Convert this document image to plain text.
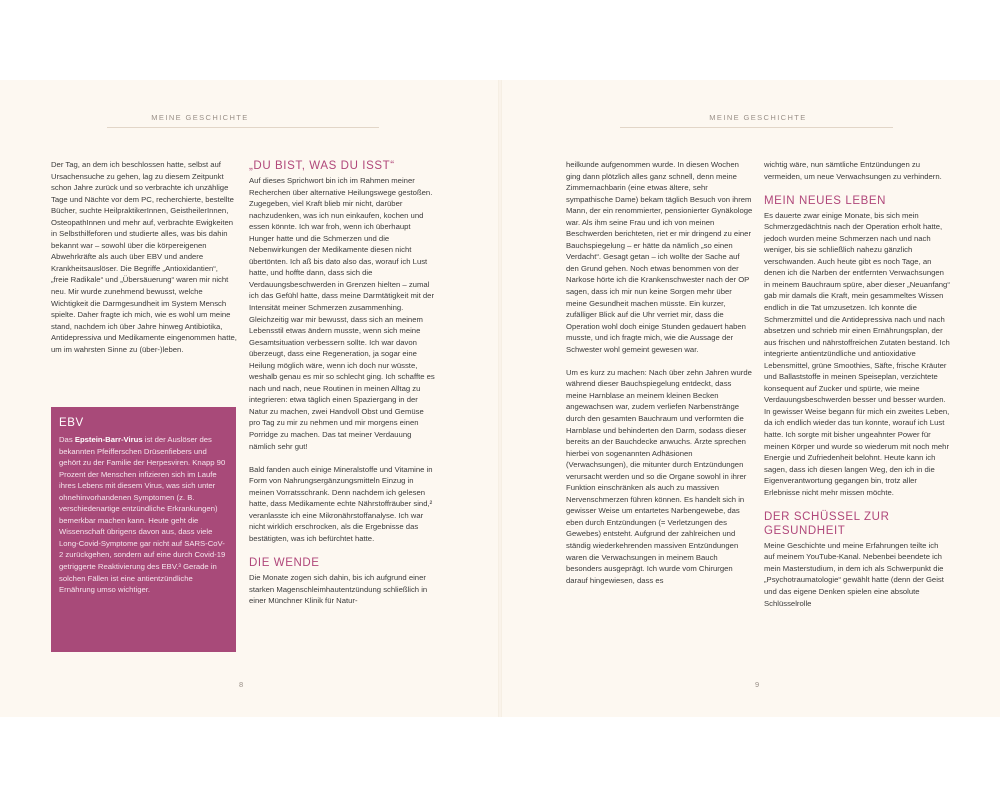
MEINE GESCHICHTE

Der Tag, an dem ich beschlossen hatte, selbst auf Ursachensuche zu gehen, lag zu diesem Zeitpunkt schon Jahre zurück und so verbrachte ich unzählige Tage und Nächte vor dem PC, recherchierte, bestellte Bücher, suchte HeilpraktikerInnen, GeistheilerInnen, OsteopathInnen und mehr auf, verbrachte Ewigkeiten in Selbsthilfeforen und studierte alles, was bis dahin bekannt war – sowohl über die körpereigenen Abwehrkräfte als auch über EBV und andere Krankheitsauslöser. Die Begriffe „Antioxidantien“, „freie Radikale“ und „Übersäuerung“ waren mir nicht neu. Mir wurde zunehmend bewusst, welche Wichtigkeit die Darmgesundheit im System Mensch spielte. Daher fragte ich mich, wie es wohl um meine stand, nachdem ich über Jahre hinweg Antibiotika, Antidepressiva und Medikamente eingenommen hatte, um im wahrsten Sinne zu (über-)leben.

EBV
Das Epstein-Barr-Virus ist der Auslöser des bekannten Pfeifferschen Drüsenfiebers und gehört zu der Familie der Herpesviren. Knapp 90 Prozent der Menschen infizieren sich im Laufe ihres Lebens mit diesem Virus, was sich unter ohnehinvorhandenen Symptomen (z. B. verschiedenartige entzündliche Erkrankungen) bemerkbar machen kann. Heute geht die Wissenschaft übrigens davon aus, dass viele Long-Covid-Symptome gar nicht auf SARS-CoV-2 zurückgehen, sondern auf eine durch Covid-19 getriggerte Reaktivierung des EBV.³ Gerade in solchen Fällen ist eine antientzündliche Ernährung umso wichtiger.
„DU BIST, WAS DU ISST“

Auf dieses Sprichwort bin ich im Rahmen meiner Recherchen über alternative Heilungswege gestoßen. Zugegeben, viel Kraft blieb mir nicht, darüber nachzudenken, was ich nun einkaufen, kochen und essen könnte. Ich war froh, wenn ich überhaupt Hunger hatte und die Schmerzen und die Nebenwirkungen der Medikamente diesen nicht übertönten. Ich aß bis dato also das, worauf ich Lust hatte, und hoffte dann, dass sich die Verdauungsbeschwerden in Grenzen hielten – zumal ich das Gefühl hatte, dass meine Darmtätigkeit mit der Intensität meiner Schmerzen zusammenhing. Gleichzeitig war mir bewusst, dass sich an meinem Lebensstil etwas ändern musste, wenn sich meine Gesamtsituation verbessern sollte. Ich war davon überzeugt, dass eine Regeneration, ja sogar eine Heilung möglich wäre, wenn ich doch nur wüsste, weshalb genau es mir so schlecht ging. Ich schaffte es nach und nach, neue Routinen in meinen Alltag zu integrieren: etwa täglich einen Spaziergang in der Natur zu machen, zwei Handvoll Obst und Gemüse pro Tag zu mir zu nehmen und mir morgens einen Porridge zu machen. Das tat meiner Verdauung nämlich sehr gut!

Bald fanden auch einige Mineralstoffe und Vitamine in Form von Nahrungsergänzungsmitteln Einzug in meinen Vorratsschrank. Denn nachdem ich gelesen hatte, dass Medikamente echte Nährstoffräuber sind,² veranlasste ich eine Mikronährstoffanalyse. Ich war nicht wirklich erschrocken, als die Ergebnisse das bestätigten, was ich befürchtet hatte.

DIE WENDE

Die Monate zogen sich dahin, bis ich aufgrund einer starken Magenschleimhautentzündung schließlich in einer Münchner Klinik für Natur-

8
MEINE GESCHICHTE

heilkunde aufgenommen wurde. In diesen Wochen ging dann plötzlich alles ganz schnell, denn meine Zimmernachbarin (eine etwas ältere, sehr sympathische Dame) bekam täglich Besuch von ihrem Mann, der ein renommierter, pensionierter Gynäkologe war. Als ihm seine Frau und ich von meinen Beschwerden berichteten, riet er mir dringend zu einer Bauchspiegelung – er hätte da nämlich „so einen Verdacht“. Gesagt getan – ich wollte der Sache auf den Grund gehen. Noch etwas benommen von der Narkose hörte ich die Krankenschwester nach der OP sagen, dass ich mir nun keine Sorgen mehr über meine Gesundheit machen müsste. Ein kurzer, zufälliger Blick auf die Uhr verriet mir, dass die Operation wohl doch einige Stunden gedauert haben musste, und ich fragte mich, wie die Aussage der Schwester wohl gemeint gewesen war.

Um es kurz zu machen: Nach über zehn Jahren wurde während dieser Bauchspiegelung entdeckt, dass meine Harnblase an meinem kleinen Becken angewachsen war, zudem verliefen Narbenstränge durch den gesamten Bauchraum und verformten die Harnblase und behinderten den Darm, sodass dieser bereits an der Bauchdecke anwuchs. Ärzte sprechen hierbei von sogenannten Adhäsionen (Verwachsungen), die mitunter durch Entzündungen verursacht werden und so die Organe sowohl in ihrer Funktion einschränken als auch zu massiven Nervenschmerzen führen können. Es handelt sich in gewisser Weise um entartetes Narbengewebe, das eben durch Entzündungen (= Verletzungen des Gewebes) entsteht. Aufgrund der zahlreichen und ständig wiederkehrenden massiven Entzündungen waren die Verwachsungen in meinem Bauch besonders ausgeprägt. Ich wurde vom Chirurgen darauf hingewiesen, dass es

wichtig wäre, nun sämtliche Entzündungen zu vermeiden, um neue Verwachsungen zu verhindern.

MEIN NEUES LEBEN

Es dauerte zwar einige Monate, bis sich mein Schmerzgedächtnis nach der Operation erholt hatte, jedoch wurden meine Schmerzen nach und nach weniger, bis sie schließlich nahezu gänzlich verschwanden. Auch heute gibt es noch Tage, an denen ich die Narben der entfernten Verwachsungen in meinem Bauchraum spüre, aber dieser „Neuanfang“ gab mir damals die Kraft, mein gesammeltes Wissen endlich in die Tat umzusetzen. Ich konnte die Schmerzmittel und die Antidepressiva nach und nach absetzen und schrieb mir einen Ernährungsplan, der aus frischen und nährstoffreichen Zutaten bestand. Ich integrierte antientzündliche und antioxidative Lebensmittel, grüne Smoothies, Säfte, frische Kräuter und Ballaststoffe in meinen Speiseplan, verzichtete konsequent auf Zucker und spürte, wie meine Verdauungsbeschwerden besser und besser wurden. In gewisser Weise begann für mich ein zweites Leben, da ich endlich wieder das tun konnte, worauf ich Lust hatte. Ich sorgte mit bisher ungeahnter Power für meinen Körper und wurde so wiederum mit noch mehr Energie und Zufriedenheit belohnt. Heute kann ich sagen, dass ich diesen langen Weg, den ich in die Eigenverantwortung gegangen bin, trotz aller Erlebnisse nicht mehr missen möchte.

DER SCHÜSSEL ZUR GESUNDHEIT

Meine Geschichte und meine Erfahrungen teilte ich auf meinem YouTube-Kanal. Nebenbei beendete ich mein Masterstudium, in dem ich als Schwerpunkt die „Psychotraumatologie“ gewählt hatte (denn der Geist und das eigene Denken spielen eine absolute Schlüsselrolle

9
